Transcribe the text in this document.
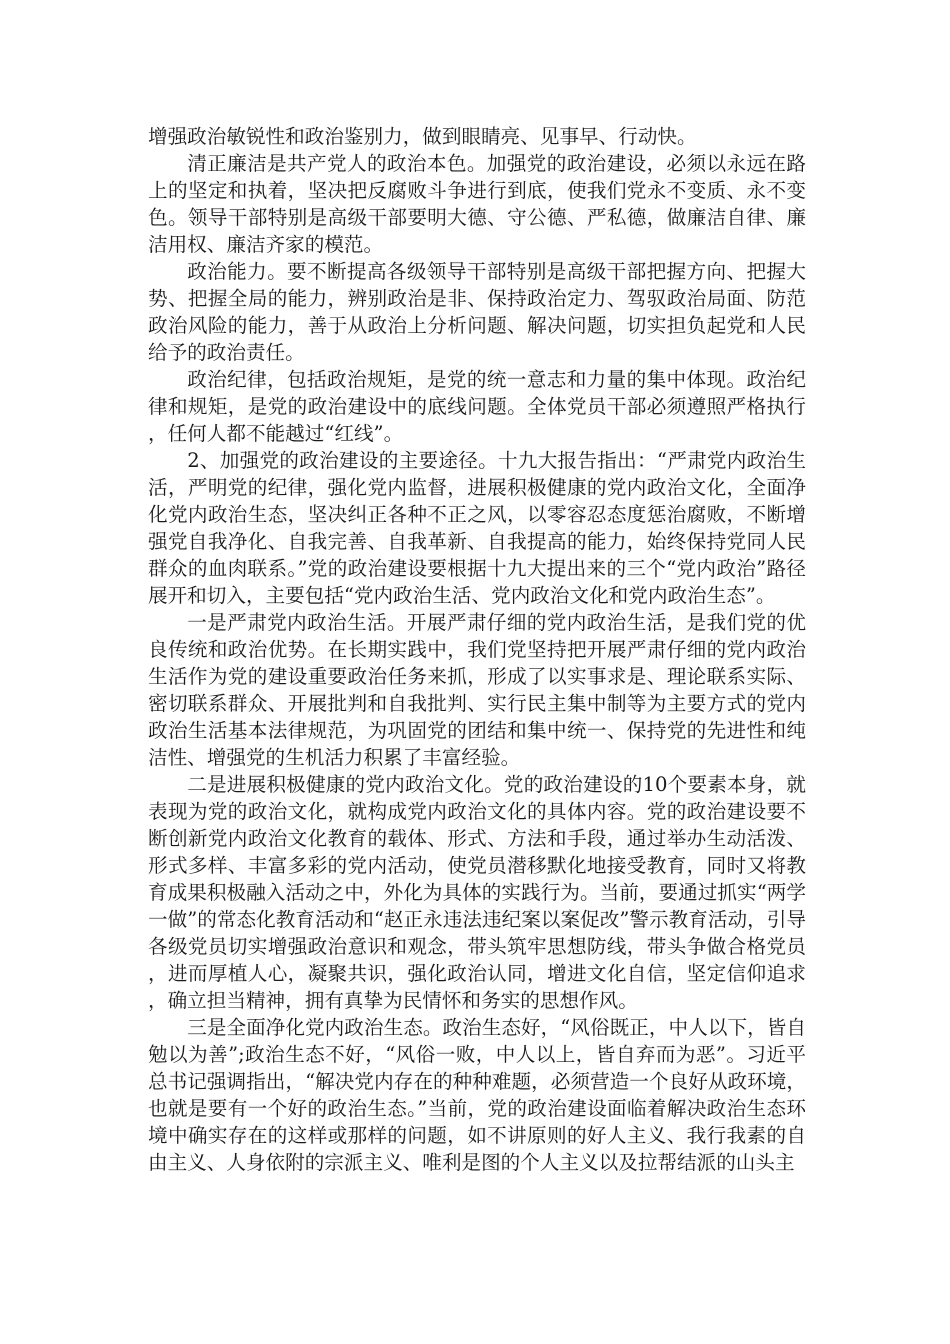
增强政治敏锐性和政治鉴别力，做到眼睛亮、见事早、行动快。

清正廉洁是共产党人的政治本色。加强党的政治建设，必须以永远在路上的坚定和执着，坚决把反腐败斗争进行到底，使我们党永不变质、永不变色。领导干部特别是高级干部要明大德、守公德、严私德，做廉洁自律、廉洁用权、廉洁齐家的模范。

政治能力。要不断提高各级领导干部特别是高级干部把握方向、把握大势、把握全局的能力，辨别政治是非、保持政治定力、驾驭政治局面、防范政治风险的能力，善于从政治上分析问题、解决问题，切实担负起党和人民给予的政治责任。

政治纪律，包括政治规矩，是党的统一意志和力量的集中体现。政治纪律和规矩，是党的政治建设中的底线问题。全体党员干部必须遵照严格执行，任何人都不能越过“红线”。

2、加强党的政治建设的主要途径。十九大报告指出：“严肃党内政治生活，严明党的纪律，强化党内监督，进展积极健康的党内政治文化，全面净化党内政治生态，坚决纠正各种不正之风，以零容忍态度惩治腐败，不断增强党自我净化、自我完善、自我革新、自我提高的能力，始终保持党同人民群众的血肉联系。”党的政治建设要根据十九大提出来的三个“党内政治”路径展开和切入，主要包括“党内政治生活、党内政治文化和党内政治生态”。

一是严肃党内政治生活。开展严肃仔细的党内政治生活，是我们党的优良传统和政治优势。在长期实践中，我们党坚持把开展严肃仔细的党内政治生活作为党的建设重要政治任务来抓，形成了以实事求是、理论联系实际、密切联系群众、开展批判和自我批判、实行民主集中制等为主要方式的党内政治生活基本法律规范，为巩固党的团结和集中统一、保持党的先进性和纯洁性、增强党的生机活力积累了丰富经验。

二是进展积极健康的党内政治文化。党的政治建设的10个要素本身，就表现为党的政治文化，就构成党内政治文化的具体内容。党的政治建设要不断创新党内政治文化教育的载体、形式、方法和手段，通过举办生动活泼、形式多样、丰富多彩的党内活动，使党员潜移默化地接受教育，同时又将教育成果积极融入活动之中，外化为具体的实践行为。当前，要通过抓实“两学一做”的常态化教育活动和“赵正永违法违纪案以案促改”警示教育活动，引导各级党员切实增强政治意识和观念，带头筑牢思想防线，带头争做合格党员，进而厚植人心，凝聚共识，强化政治认同，增进文化自信，坚定信仰追求，确立担当精神，拥有真挚为民情怀和务实的思想作风。

三是全面净化党内政治生态。政治生态好，“风俗既正，中人以下，皆自勉以为善”;政治生态不好，“风俗一败，中人以上，皆自弃而为恶”。习近平总书记强调指出，“解决党内存在的种种难题，必须营造一个良好从政环境，也就是要有一个好的政治生态。”当前，党的政治建设面临着解决政治生态环境中确实存在的这样或那样的问题，如不讲原则的好人主义、我行我素的自由主义、人身依附的宗派主义、唯利是图的个人主义以及拉帮结派的山头主
